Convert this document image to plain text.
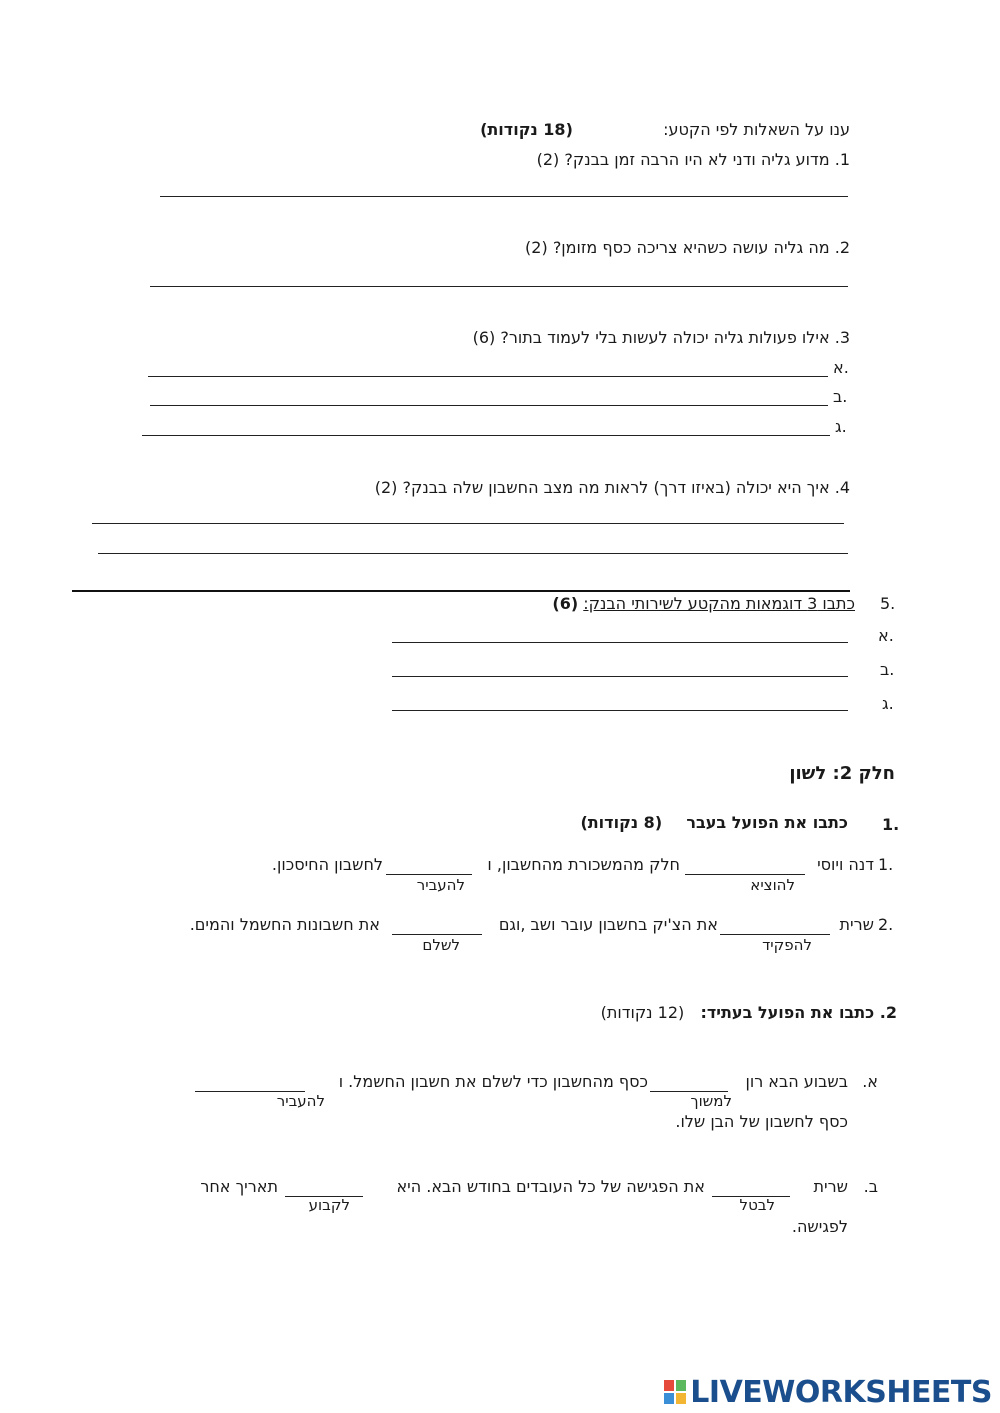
ענו על השאלות לפי הקטע:  (18 נקודות)
1. מדוע גליה ודני לא היו הרבה זמן בבנק? (2)
2. מה גליה עושה כשהיא צריכה כסף מזומן? (2)
3. אילו פעולות גליה יכולה לעשות בלי לעמוד בתור? (6)
א.
ב.
ג.
4. איך היא יכולה (באיזו דרך) לראות מה מצב החשבון שלה בבנק? (2)
5.
כתבו 3 דוגמאות מהקטע לשירותי הבנק: (6)
א.
ב.
ג.
חלק 2: לשון
1.
כתבו את הפועל בעבר  (8 נקודות)
1.
דנה ויוסי
חלק מהמשכורת מהחשבון, ו
לחשבון החיסכון.
להוציא
להעביר
2.
שרית
את הצ'יק בחשבון עובר ושב ,וגם
את חשבונות החשמל והמים.
להפקיד
לשלם
2. כתבו את הפועל בעתיד:  (12 נקודות)
א.
בשבוע הבא רון
כסף מהחשבון כדי לשלם את חשבון החשמל. ו
למשוך
להעביר
כסף לחשבון של הבן שלו.
ב.
שרית
את הפגישה של כל העובדים בחודש הבא. היא
תאריך אחר
לבטל
לקבוע
לפגישה.
LIVEWORKSHEETS
